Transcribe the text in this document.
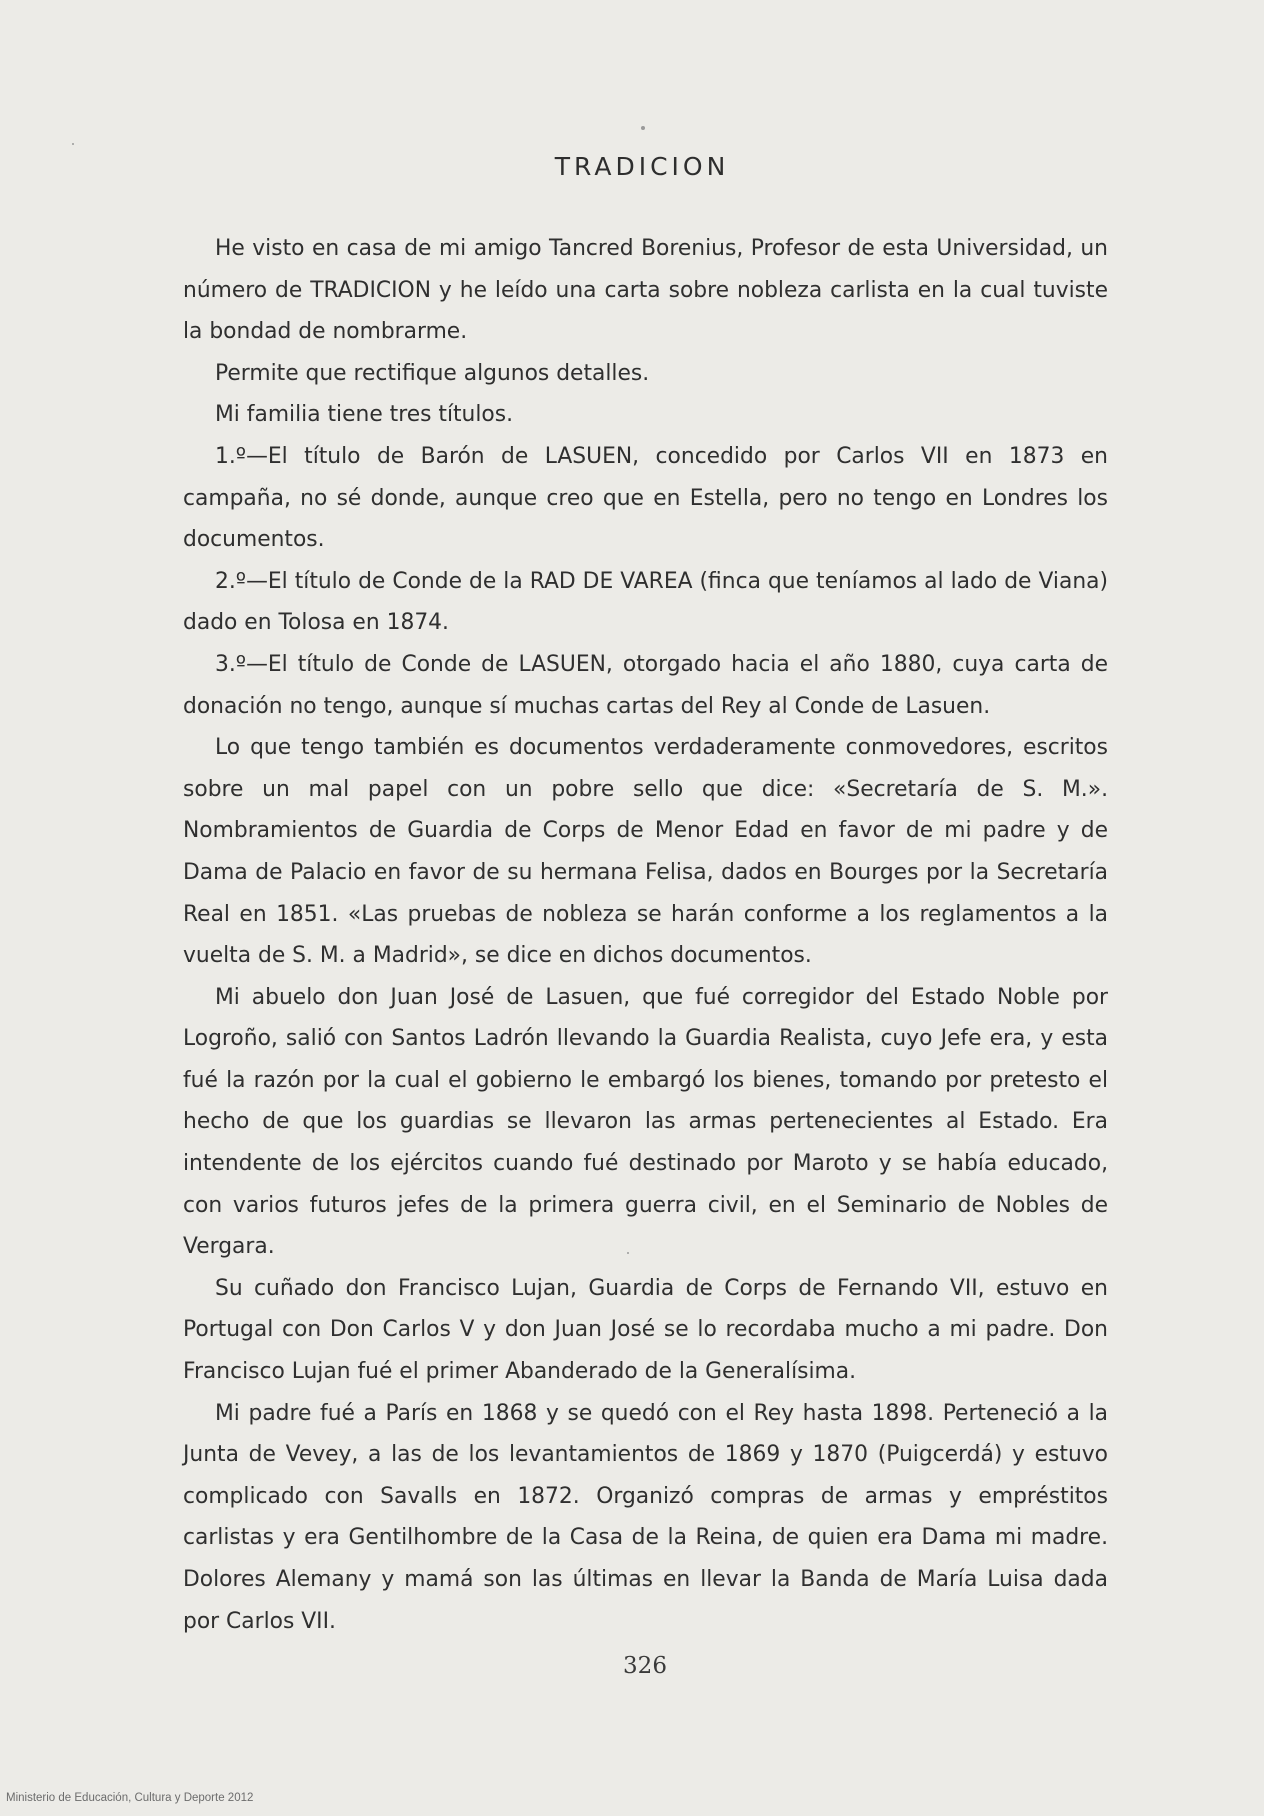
TRADICION

He visto en casa de mi amigo Tancred Borenius, Profesor de esta Universidad, un número de TRADICION y he leído una carta sobre nobleza carlista en la cual tuviste la bondad de nombrarme.

Permite que rectifique algunos detalles.

Mi familia tiene tres títulos.

1.º—El título de Barón de LASUEN, concedido por Carlos VII en 1873 en campaña, no sé donde, aunque creo que en Estella, pero no tengo en Londres los documentos.

2.º—El título de Conde de la RAD DE VAREA (finca que teníamos al lado de Viana) dado en Tolosa en 1874.

3.º—El título de Conde de LASUEN, otorgado hacia el año 1880, cuya carta de donación no tengo, aunque sí muchas cartas del Rey al Conde de Lasuen.

Lo que tengo también es documentos verdaderamente conmovedores, escritos sobre un mal papel con un pobre sello que dice: «Secretaría de S. M.». Nombramientos de Guardia de Corps de Menor Edad en favor de mi padre y de Dama de Palacio en favor de su hermana Felisa, dados en Bourges por la Secretaría Real en 1851. «Las pruebas de nobleza se harán conforme a los reglamentos a la vuelta de S. M. a Madrid», se dice en dichos documentos.

Mi abuelo don Juan José de Lasuen, que fué corregidor del Estado Noble por Logroño, salió con Santos Ladrón llevando la Guardia Realista, cuyo Jefe era, y esta fué la razón por la cual el gobierno le embargó los bienes, tomando por pretesto el hecho de que los guardias se llevaron las armas pertenecientes al Estado. Era intendente de los ejércitos cuando fué destinado por Maroto y se había educado, con varios futuros jefes de la primera guerra civil, en el Seminario de Nobles de Vergara.

Su cuñado don Francisco Lujan, Guardia de Corps de Fernando VII, estuvo en Portugal con Don Carlos V y don Juan José se lo recordaba mucho a mi padre. Don Francisco Lujan fué el primer Abanderado de la Generalísima.

Mi padre fué a París en 1868 y se quedó con el Rey hasta 1898. Perteneció a la Junta de Vevey, a las de los levantamientos de 1869 y 1870 (Puigcerdá) y estuvo complicado con Savalls en 1872. Organizó compras de armas y empréstitos carlistas y era Gentilhombre de la Casa de la Reina, de quien era Dama mi madre. Dolores Alemany y mamá son las últimas en llevar la Banda de María Luisa dada por Carlos VII.

326
Ministerio de Educación, Cultura y Deporte 2012
